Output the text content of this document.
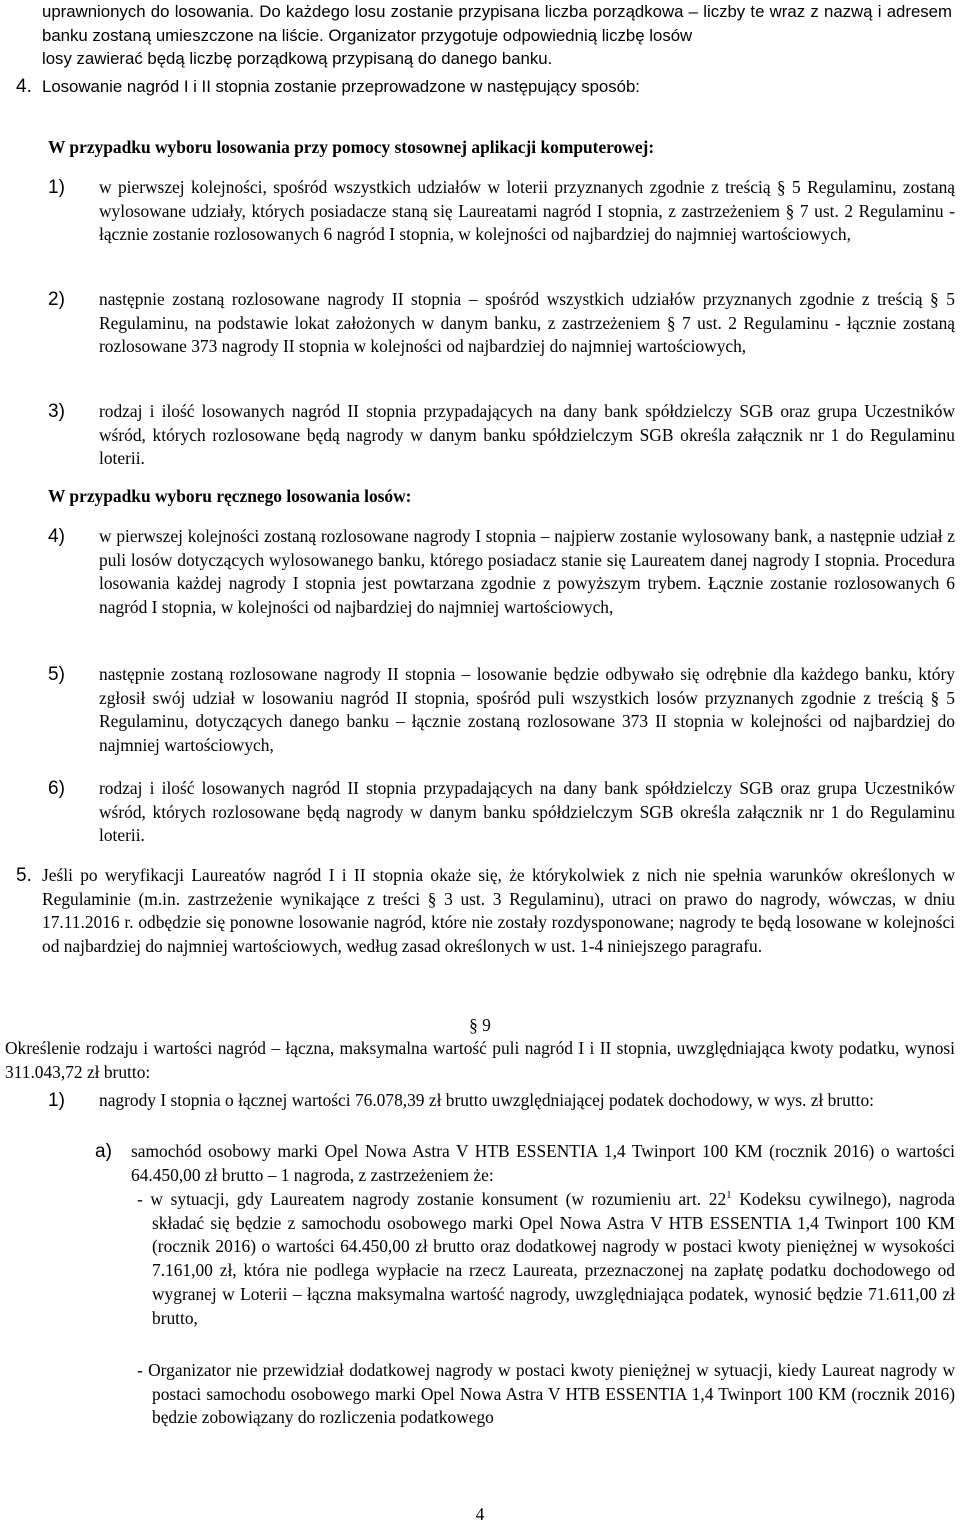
uprawnionych do losowania. Do każdego losu zostanie przypisana liczba porządkowa – liczby te wraz z nazwą i adresem banku zostaną umieszczone na liście. Organizator przygotuje odpowiednią liczbę losów

losy zawierać będą liczbę porządkową przypisaną do danego banku.

4. Losowanie nagród I i II stopnia zostanie przeprowadzone w następujący sposób:

W przypadku wyboru losowania przy pomocy stosownej aplikacji komputerowej:

1) w pierwszej kolejności, spośród wszystkich udziałów w loterii przyznanych zgodnie z treścią § 5 Regulaminu, zostaną wylosowane udziały, których posiadacze staną się Laureatami nagród I stopnia, z zastrzeżeniem § 7 ust. 2 Regulaminu - łącznie zostanie rozlosowanych 6 nagród I stopnia, w kolejności od najbardziej do najmniej wartościowych,

2) następnie zostaną rozlosowane nagrody II stopnia – spośród wszystkich udziałów przyznanych zgodnie z treścią § 5 Regulaminu, na podstawie lokat założonych w danym banku, z zastrzeżeniem § 7 ust. 2 Regulaminu - łącznie zostaną rozlosowane 373 nagrody II stopnia w kolejności od najbardziej do najmniej wartościowych,

3) rodzaj i ilość losowanych nagród II stopnia przypadających na dany bank spółdzielczy SGB oraz grupa Uczestników wśród, których rozlosowane będą nagrody w danym banku spółdzielczym SGB określa załącznik nr 1 do Regulaminu loterii.

W przypadku wyboru ręcznego losowania losów:

4) w pierwszej kolejności zostaną rozlosowane nagrody I stopnia – najpierw zostanie wylosowany bank, a następnie udział z puli losów dotyczących wylosowanego banku, którego posiadacz stanie się Laureatem danej nagrody I stopnia. Procedura losowania każdej nagrody I stopnia jest powtarzana zgodnie z powyższym trybem. Łącznie zostanie rozlosowanych 6 nagród I stopnia, w kolejności od najbardziej do najmniej wartościowych,

5) następnie zostaną rozlosowane nagrody II stopnia – losowanie będzie odbywało się odrębnie dla każdego banku, który zgłosił swój udział w losowaniu nagród II stopnia, spośród puli wszystkich losów przyznanych zgodnie z treścią § 5 Regulaminu, dotyczących danego banku – łącznie zostaną rozlosowane 373 II stopnia w kolejności od najbardziej do najmniej wartościowych,

6) rodzaj i ilość losowanych nagród II stopnia przypadających na dany bank spółdzielczy SGB oraz grupa Uczestników wśród, których rozlosowane będą nagrody w danym banku spółdzielczym SGB określa załącznik nr 1 do Regulaminu loterii.

5. Jeśli po weryfikacji Laureatów nagród I i II stopnia okaże się, że którykolwiek z nich nie spełnia warunków określonych w Regulaminie (m.in. zastrzeżenie wynikające z treści § 3 ust. 3 Regulaminu), utraci on prawo do nagrody, wówczas, w dniu 17.11.2016 r. odbędzie się ponowne losowanie nagród, które nie zostały rozdysponowane; nagrody te będą losowane w kolejności od najbardziej do najmniej wartościowych, według zasad określonych w ust. 1-4 niniejszego paragrafu.

§ 9

Określenie rodzaju i wartości nagród – łączna, maksymalna wartość puli nagród I i II stopnia, uwzględniająca kwoty podatku, wynosi 311.043,72 zł brutto:

1) nagrody I stopnia o łącznej wartości 76.078,39 zł brutto uwzględniającej podatek dochodowy, w wys. zł brutto:

a) samochód osobowy marki Opel Nowa Astra V HTB ESSENTIA 1,4 Twinport 100 KM (rocznik 2016) o wartości 64.450,00 zł brutto – 1 nagroda, z zastrzeżeniem że:

- w sytuacji, gdy Laureatem nagrody zostanie konsument (w rozumieniu art. $22^1$ Kodeksu cywilnego), nagroda składać się będzie z samochodu osobowego marki Opel Nowa Astra V HTB ESSENTIA 1,4 Twinport 100 KM (rocznik 2016) o wartości 64.450,00 zł brutto oraz dodatkowej nagrody w postaci kwoty pieniężnej w wysokości 7.161,00 zł, która nie podlega wypłacie na rzecz Laureata, przeznaczonej na zapłatę podatku dochodowego od wygranej w Loterii – łączna maksymalna wartość nagrody, uwzględniająca podatek, wynosić będzie 71.611,00 zł brutto,

- Organizator nie przewidział dodatkowej nagrody w postaci kwoty pieniężnej w sytuacji, kiedy Laureat nagrody w postaci samochodu osobowego marki Opel Nowa Astra V HTB ESSENTIA 1,4 Twinport 100 KM (rocznik 2016) będzie zobowiązany do rozliczenia podatkowego

4
